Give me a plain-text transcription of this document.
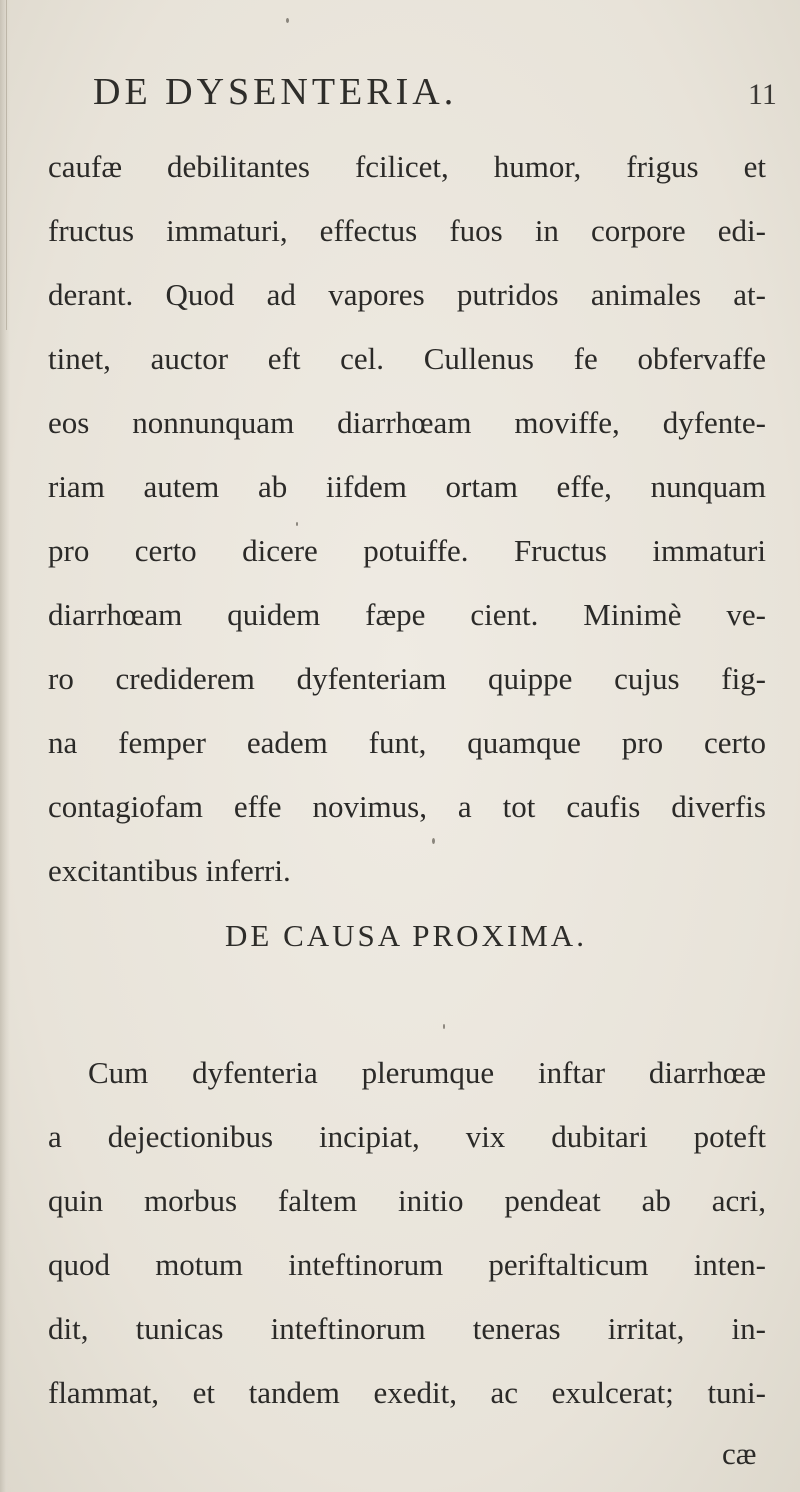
DE DYSENTERIA.	11
caufæ debilitantes fcilicet, humor, frigus et
fructus immaturi, effectus fuos in corpore edi-
derant. Quod ad vapores putridos animales at-
tinet, auctor eft cel. Cullenus fe obfervaffe
eos nonnunquam diarrhœam moviffe, dyfente-
riam autem ab iifdem ortam effe, nunquam
pro certo dicere potuiffe. Fructus immaturi
diarrhœam quidem fæpe cient. Minimè ve-
ro crediderem dyfenteriam quippe cujus fig-
na femper eadem funt, quamque pro certo
contagiofam effe novimus, a tot caufis diverfis
excitantibus inferri.
DE CAUSA PROXIMA.
Cum dyfenteria plerumque inftar diarrhœæ
a dejectionibus incipiat, vix dubitari poteft
quin morbus faltem initio pendeat ab acri,
quod motum inteftinorum periftalticum inten-
dit, tunicas inteftinorum teneras irritat, in-
flammat, et tandem exedit, ac exulcerat; tuni-
cæ
